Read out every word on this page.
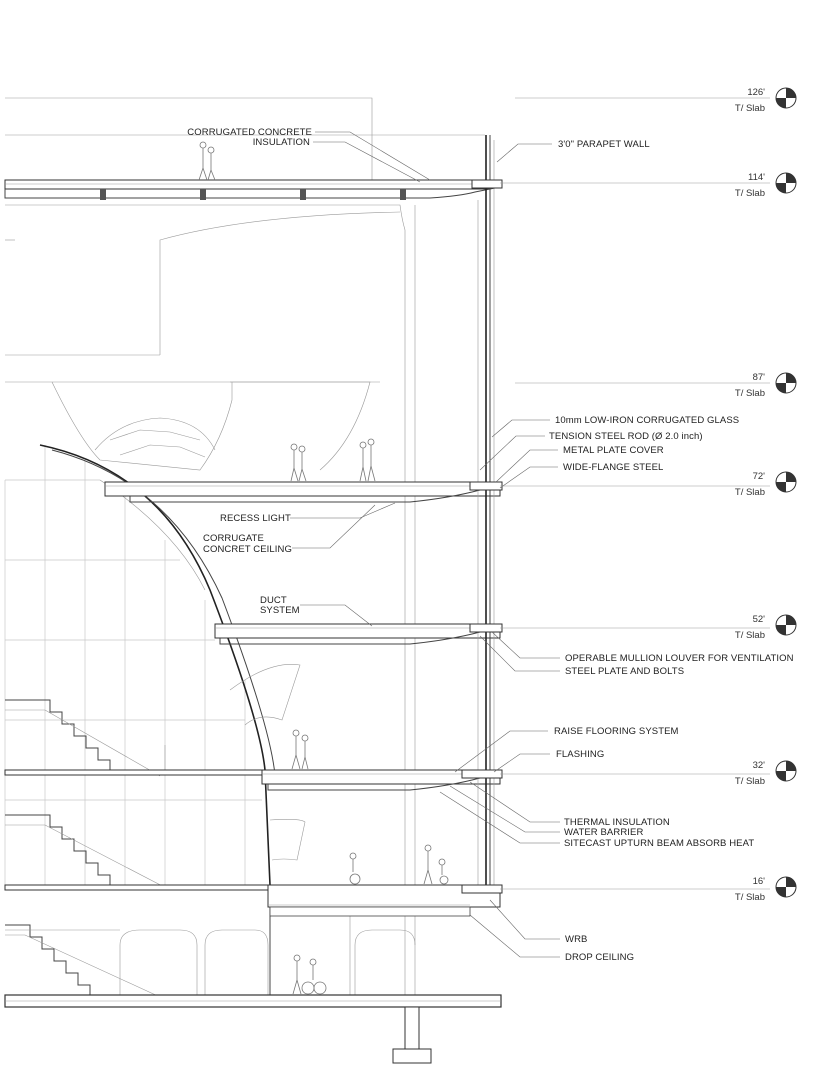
126'
T/ Slab
114'
T/ Slab
87'
T/ Slab
72'
T/ Slab
52'
T/ Slab
32'
T/ Slab
16'
T/ Slab
CORRUGATED CONCRETE
INSULATION	3'0" PARAPET WALL
10mm LOW-IRON CORRUGATED GLASS
TENSION STEEL ROD (Ø 2.0 inch)
METAL PLATE COVER
WIDE-FLANGE STEEL
RECESS LIGHT
CORRUGATE
CONCRET CEILING
DUCT
SYSTEM
OPERABLE MULLION LOUVER FOR VENTILATION
STEEL PLATE AND BOLTS
RAISE FLOORING SYSTEM
FLASHING
THERMAL INSULATION
WATER BARRIER
SITECAST UPTURN BEAM ABSORB HEAT
WRB
DROP CEILING
